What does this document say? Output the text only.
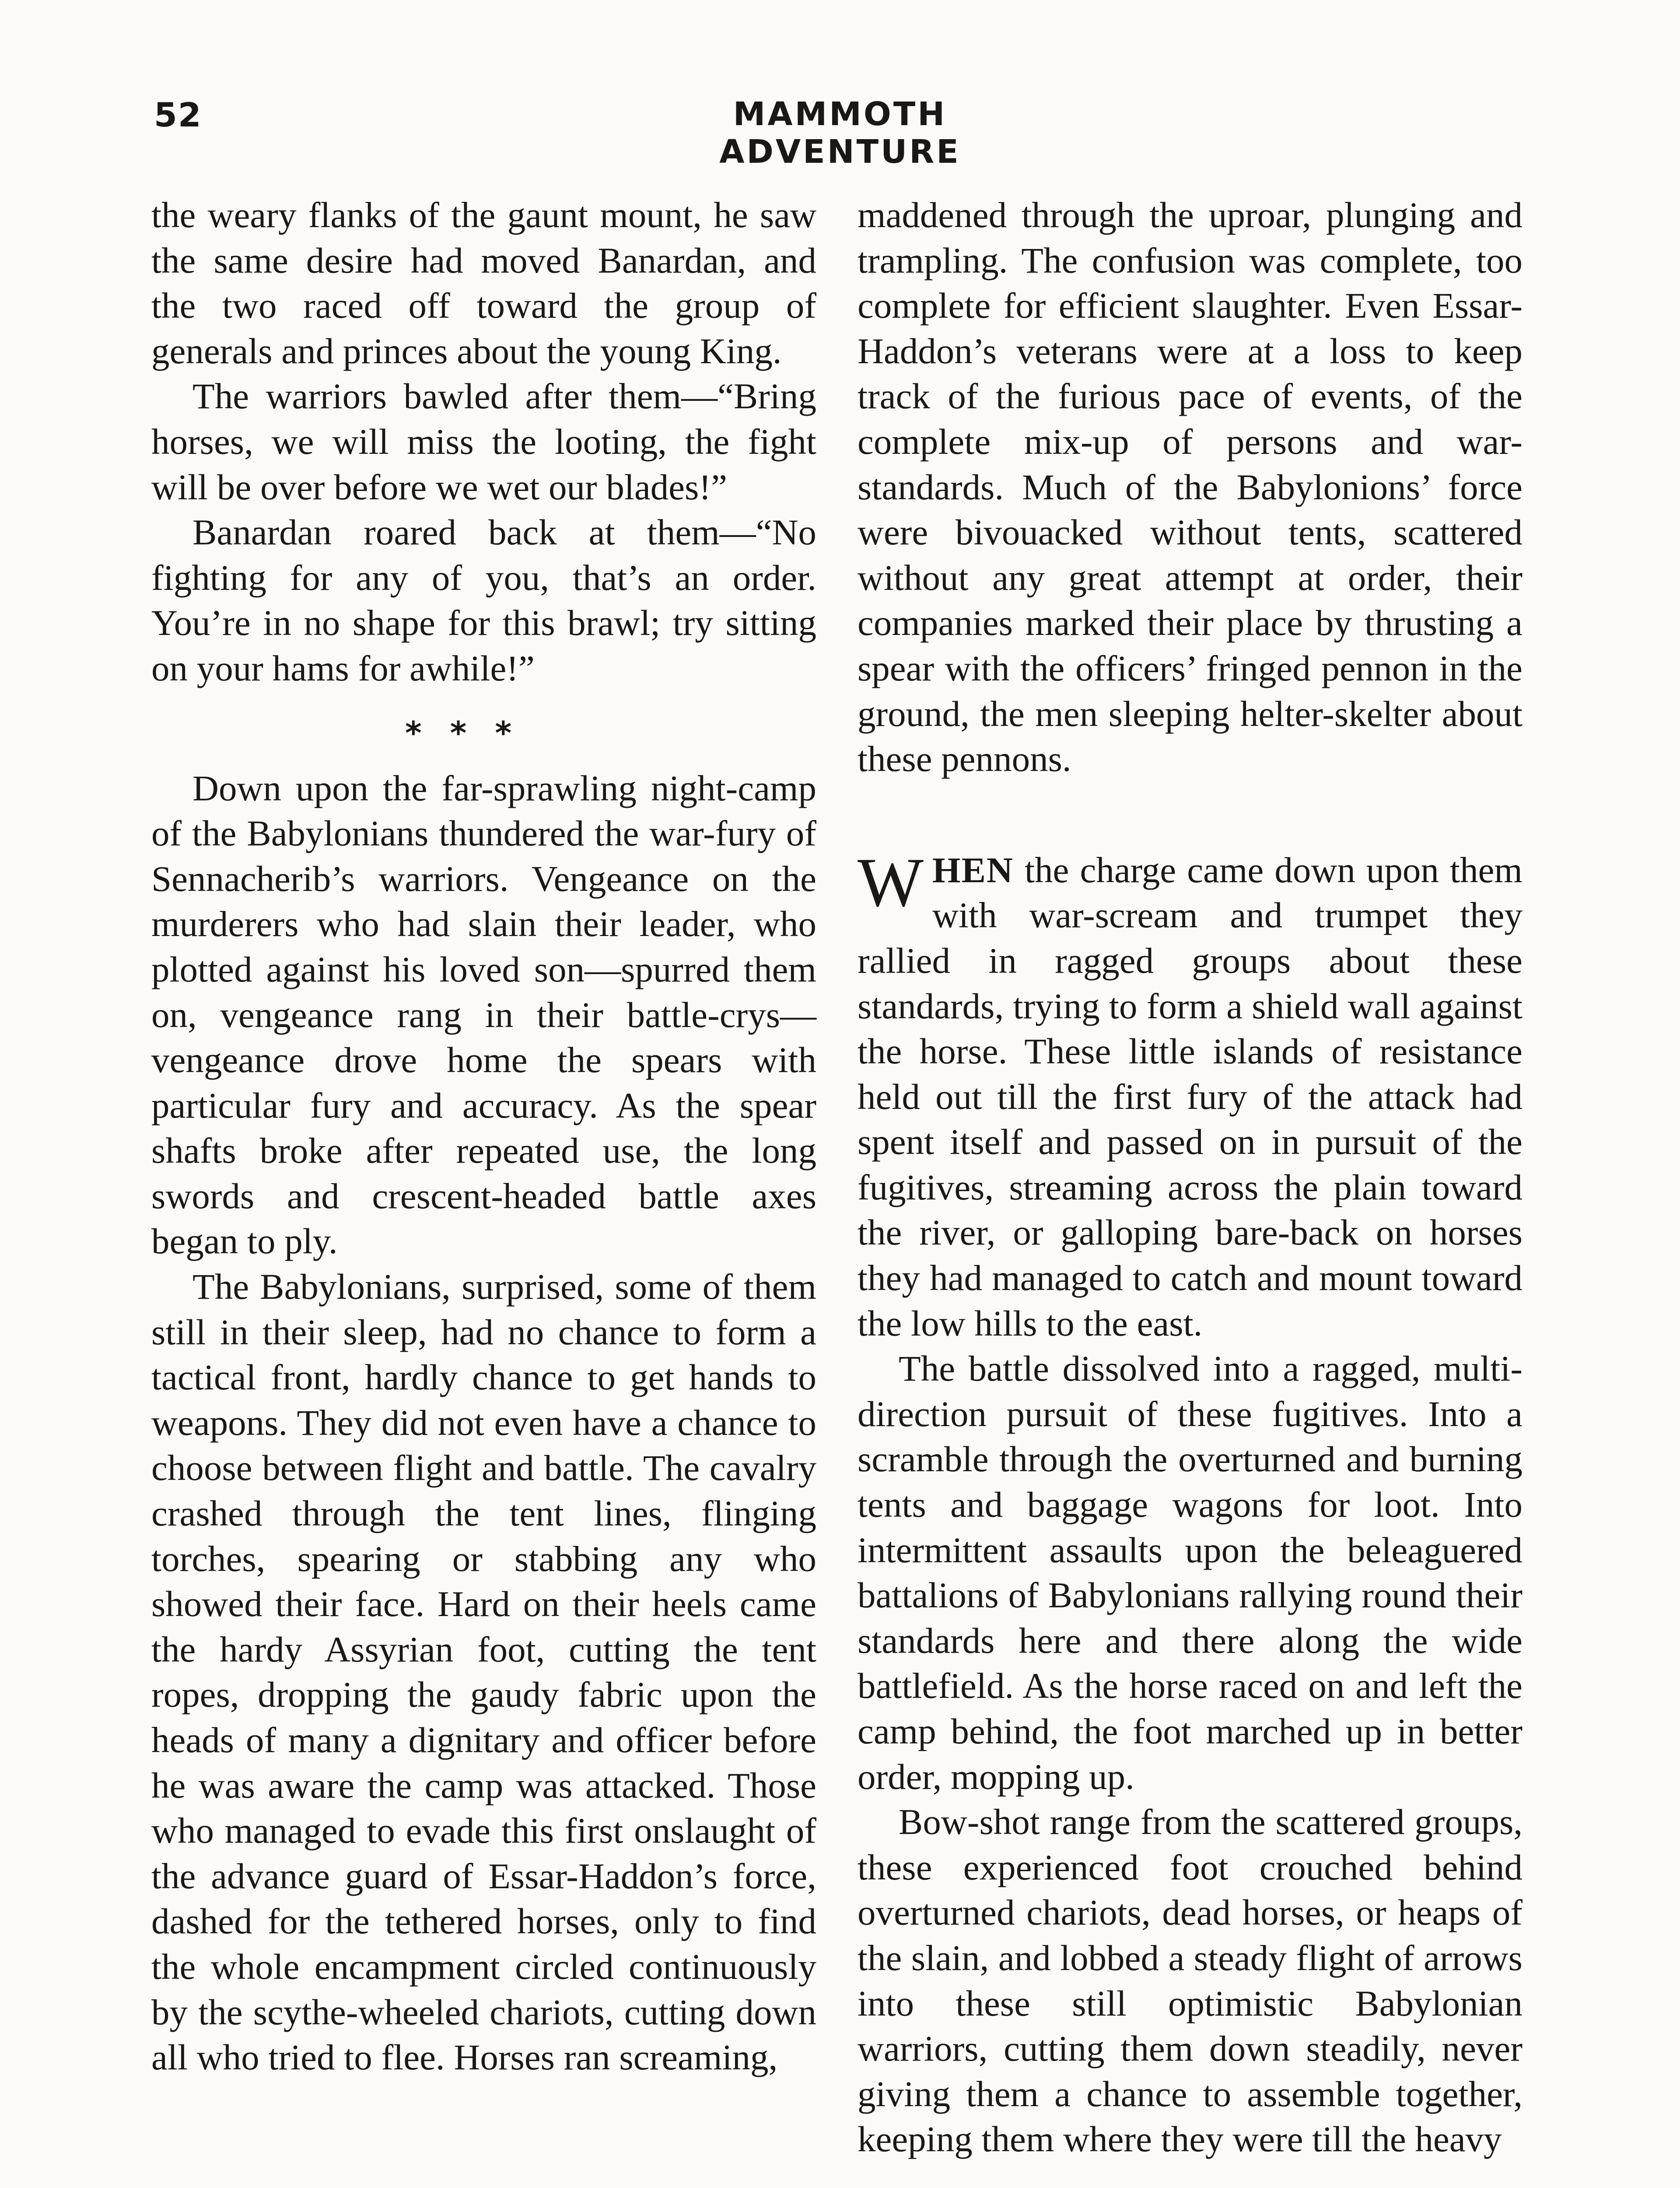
52	MAMMOTH ADVENTURE

the weary flanks of the gaunt mount, he saw the same desire had moved Banardan, and the two raced off toward the group of generals and princes about the young King.

The warriors bawled after them—“Bring horses, we will miss the looting, the fight will be over before we wet our blades!”

Banardan roared back at them—“No fighting for any of you, that’s an order. You’re in no shape for this brawl; try sitting on your hams for awhile!”

* * *

Down upon the far-sprawling night-camp of the Babylonians thundered the war-fury of Sennacherib’s warriors. Vengeance on the murderers who had slain their leader, who plotted against his loved son—spurred them on, vengeance rang in their battle-crys—vengeance drove home the spears with particular fury and accuracy. As the spear shafts broke after repeated use, the long swords and crescent-headed battle axes began to ply.

The Babylonians, surprised, some of them still in their sleep, had no chance to form a tactical front, hardly chance to get hands to weapons. They did not even have a chance to choose between flight and battle. The cavalry crashed through the tent lines, flinging torches, spearing or stabbing any who showed their face. Hard on their heels came the hardy Assyrian foot, cutting the tent ropes, dropping the gaudy fabric upon the heads of many a dignitary and officer before he was aware the camp was attacked. Those who managed to evade this first onslaught of the advance guard of Essar-Haddon’s force, dashed for the tethered horses, only to find the whole encampment circled continuously by the scythe-wheeled chariots, cutting down all who tried to flee. Horses ran screaming,

maddened through the uproar, plunging and trampling. The confusion was complete, too complete for efficient slaughter. Even Essar-Haddon’s veterans were at a loss to keep track of the furious pace of events, of the complete mix-up of persons and war-standards. Much of the Babylonions’ force were bivouacked without tents, scattered without any great attempt at order, their companies marked their place by thrusting a spear with the officers’ fringed pennon in the ground, the men sleeping helter-skelter about these pennons.

WHEN the charge came down upon them with war-scream and trumpet they rallied in ragged groups about these standards, trying to form a shield wall against the horse. These little islands of resistance held out till the first fury of the attack had spent itself and passed on in pursuit of the fugitives, streaming across the plain toward the river, or galloping bare-back on horses they had managed to catch and mount toward the low hills to the east.

The battle dissolved into a ragged, multi-direction pursuit of these fugitives. Into a scramble through the overturned and burning tents and baggage wagons for loot. Into intermittent assaults upon the beleaguered battalions of Babylonians rallying round their standards here and there along the wide battlefield. As the horse raced on and left the camp behind, the foot marched up in better order, mopping up.

Bow-shot range from the scattered groups, these experienced foot crouched behind overturned chariots, dead horses, or heaps of the slain, and lobbed a steady flight of arrows into these still optimistic Babylonian warriors, cutting them down steadily, never giving them a chance to assemble together, keeping them where they were till the heavy
